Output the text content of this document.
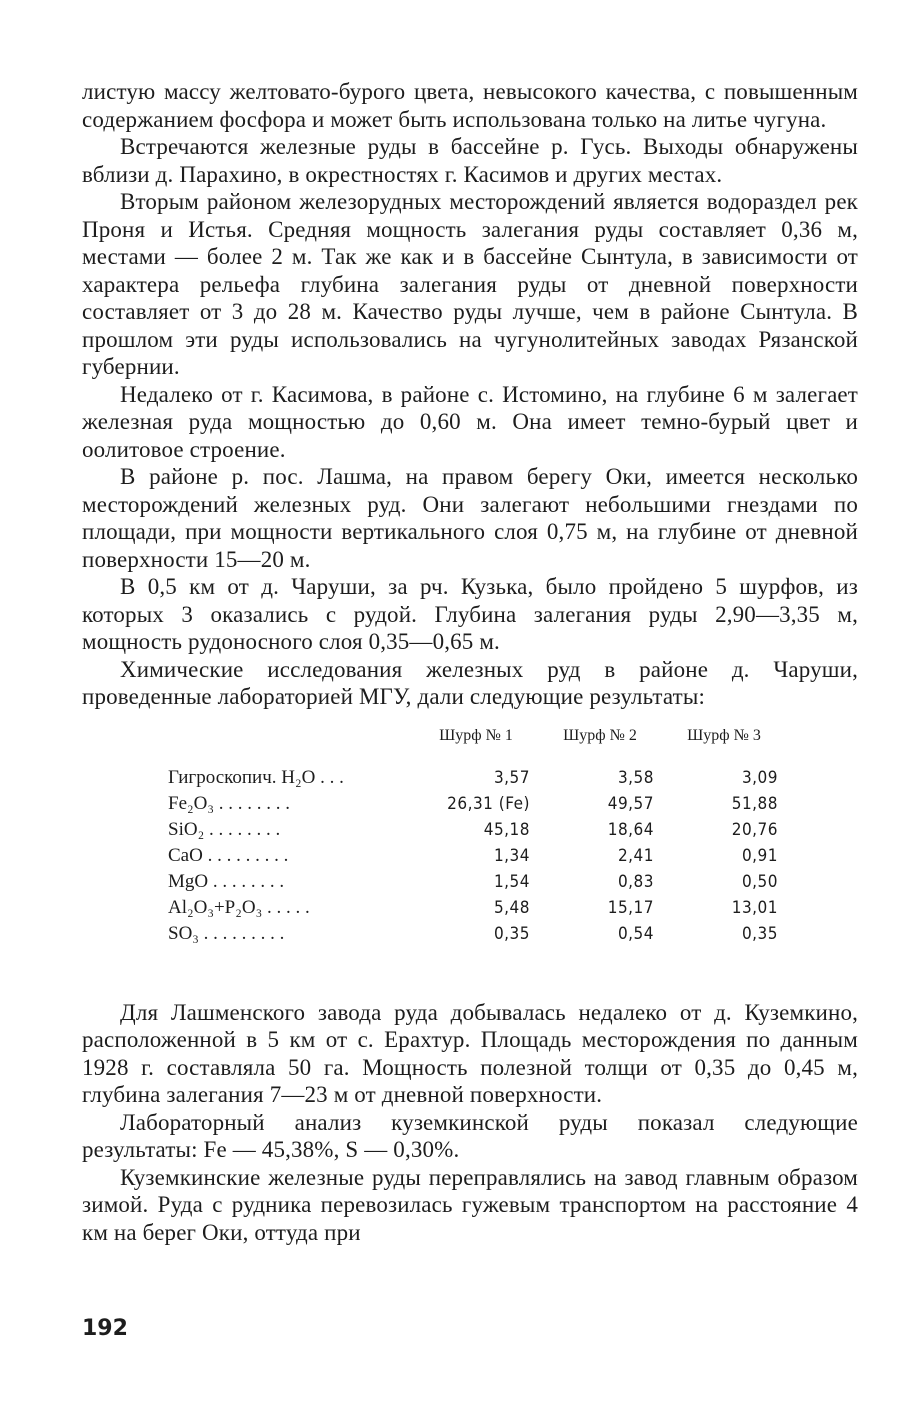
листую массу желтовато-бурого цвета, невысокого качества, с повышенным содержанием фосфора и может быть использована только на литье чугуна.

Встречаются железные руды в бассейне р. Гусь. Выходы обнаружены вблизи д. Парахино, в окрестностях г. Касимов и других местах.

Вторым районом железорудных месторождений является водораздел рек Проня и Истья. Средняя мощность залегания руды составляет 0,36 м, местами — более 2 м. Так же как и в бассейне Сынтула, в зависимости от характера рельефа глубина залегания руды от дневной поверхности составляет от 3 до 28 м. Качество руды лучше, чем в районе Сынтула. В прошлом эти руды использовались на чугунолитейных заводах Рязанской губернии.

Недалеко от г. Касимова, в районе с. Истомино, на глубине 6 м залегает железная руда мощностью до 0,60 м. Она имеет темно-бурый цвет и оолитовое строение.

В районе р. пос. Лашма, на правом берегу Оки, имеется несколько месторождений железных руд. Они залегают небольшими гнездами по площади, при мощности вертикального слоя 0,75 м, на глубине от дневной поверхности 15—20 м.

В 0,5 км от д. Чаруши, за рч. Кузька, было пройдено 5 шурфов, из которых 3 оказались с рудой. Глубина залегания руды 2,90—3,35 м, мощность рудоносного слоя 0,35—0,65 м.

Химические исследования железных руд в районе д. Чаруши, проведенные лабораторией МГУ, дали следующие результаты:

	Шурф № 1	Шурф № 2	Шурф № 3
Гигроскопич. H₂O . . .	3,57	3,58	3,09
Fe₂O₃ . . . . . . . .	26,31 (Fe)	49,57	51,88
SiO₂ . . . . . . . .	45,18	18,64	20,76
CaO . . . . . . . . .	1,34	2,41	0,91
MgO . . . . . . . .	1,54	0,83	0,50
Al₂O₃+P₂O₃ . . . . .	5,48	15,17	13,01
SO₃ . . . . . . . . .	0,35	0,54	0,35

Для Лашменского завода руда добывалась недалеко от д. Куземкино, расположенной в 5 км от с. Ерахтур. Площадь месторождения по данным 1928 г. составляла 50 га. Мощность полезной толщи от 0,35 до 0,45 м, глубина залегания 7—23 м от дневной поверхности.

Лабораторный анализ куземкинской руды показал следующие результаты: Fe — 45,38%, S — 0,30%.

Куземкинские железные руды переправлялись на завод главным образом зимой. Руда с рудника перевозилась гужевым транспортом на расстояние 4 км на берег Оки, оттуда при

192
